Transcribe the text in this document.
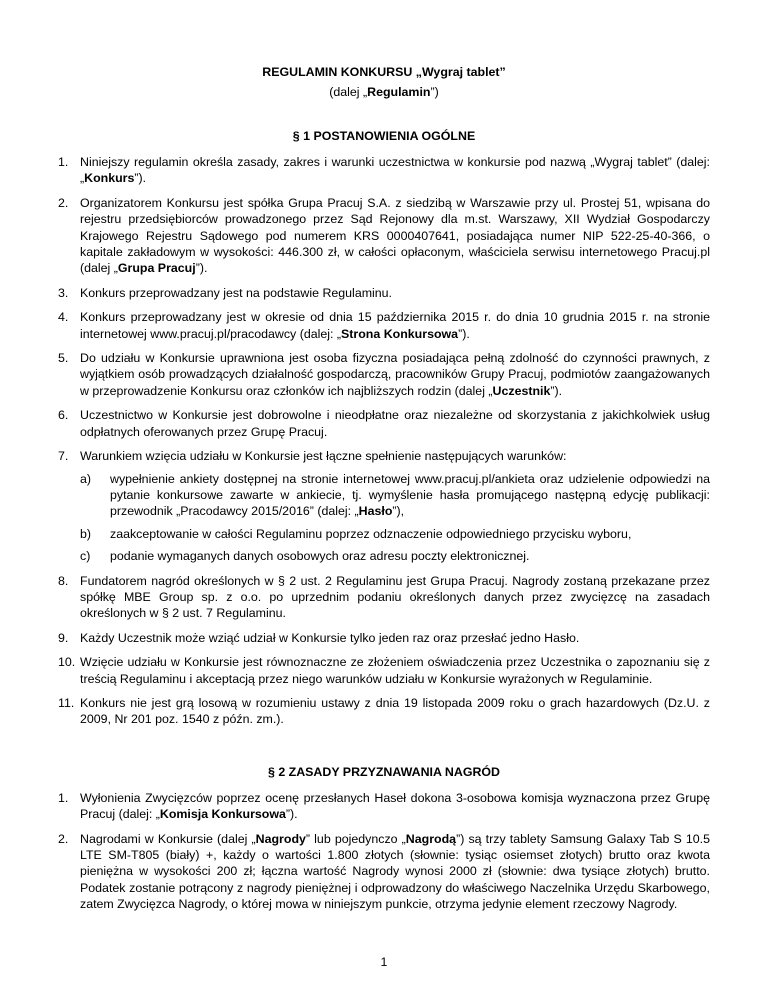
REGULAMIN KONKURSU „Wygraj tablet”

(dalej „Regulamin”)

§ 1 POSTANOWIENIA OGÓLNE

1. Niniejszy regulamin określa zasady, zakres i warunki uczestnictwa w konkursie pod nazwą „Wygraj tablet” (dalej: „Konkurs”).
2. Organizatorem Konkursu jest spółka Grupa Pracuj S.A. z siedzibą w Warszawie przy ul. Prostej 51, wpisana do rejestru przedsiębiorców prowadzonego przez Sąd Rejonowy dla m.st. Warszawy, XII Wydział Gospodarczy Krajowego Rejestru Sądowego pod numerem KRS 0000407641, posiadająca numer NIP 522-25-40-366, o kapitale zakładowym w wysokości: 446.300 zł, w całości opłaconym, właściciela serwisu internetowego Pracuj.pl (dalej „Grupa Pracuj”).
3. Konkurs przeprowadzany jest na podstawie Regulaminu.
4. Konkurs przeprowadzany jest w okresie od dnia 15 października 2015 r. do dnia 10 grudnia 2015 r. na stronie internetowej www.pracuj.pl/pracodawcy (dalej: „Strona Konkursowa”).
5. Do udziału w Konkursie uprawniona jest osoba fizyczna posiadająca pełną zdolność do czynności prawnych, z wyjątkiem osób prowadzących działalność gospodarczą, pracowników Grupy Pracuj, podmiotów zaangażowanych w przeprowadzenie Konkursu oraz członków ich najbliższych rodzin (dalej „Uczestnik”).
6. Uczestnictwo w Konkursie jest dobrowolne i nieodpłatne oraz niezależne od skorzystania z jakichkolwiek usług odpłatnych oferowanych przez Grupę Pracuj.
7. Warunkiem wzięcia udziału w Konkursie jest łączne spełnienie następujących warunków:
a) wypełnienie ankiety dostępnej na stronie internetowej www.pracuj.pl/ankieta oraz udzielenie odpowiedzi na pytanie konkursowe zawarte w ankiecie, tj. wymyślenie hasła promującego następną edycję publikacji: przewodnik „Pracodawcy 2015/2016” (dalej: „Hasło”),
b) zaakceptowanie w całości Regulaminu poprzez odznaczenie odpowiedniego przycisku wyboru,
c) podanie wymaganych danych osobowych oraz adresu poczty elektronicznej.
8. Fundatorem nagród określonych w § 2 ust. 2 Regulaminu jest Grupa Pracuj. Nagrody zostaną przekazane przez spółkę MBE Group sp. z o.o. po uprzednim podaniu określonych danych przez zwycięzcę na zasadach określonych w § 2 ust. 7 Regulaminu.
9. Każdy Uczestnik może wziąć udział w Konkursie tylko jeden raz oraz przesłać jedno Hasło.
10. Wzięcie udziału w Konkursie jest równoznaczne ze złożeniem oświadczenia przez Uczestnika o zapoznaniu się z treścią Regulaminu i akceptacją przez niego warunków udziału w Konkursie wyrażonych w Regulaminie.
11. Konkurs nie jest grą losową w rozumieniu ustawy z dnia 19 listopada 2009 roku o grach hazardowych (Dz.U. z 2009, Nr 201 poz. 1540 z późn. zm.).

§ 2 ZASADY PRZYZNAWANIA NAGRÓD

1. Wyłonienia Zwycięzców poprzez ocenę przesłanych Haseł dokona 3-osobowa komisja wyznaczona przez Grupę Pracuj (dalej: „Komisja Konkursowa”).
2. Nagrodami w Konkursie (dalej „Nagrody” lub pojedynczo „Nagrodą”) są trzy tablety Samsung Galaxy Tab S 10.5 LTE SM-T805 (biały) +, każdy o wartości 1.800 złotych (słownie: tysiąc osiemset złotych) brutto oraz kwota pieniężna w wysokości 200 zł; łączna wartość Nagrody wynosi 2000 zł (słownie: dwa tysiące złotych) brutto. Podatek zostanie potrącony z nagrody pieniężnej i odprowadzony do właściwego Naczelnika Urzędu Skarbowego, zatem Zwycięzca Nagrody, o której mowa w niniejszym punkcie, otrzyma jedynie element rzeczowy Nagrody.
1
